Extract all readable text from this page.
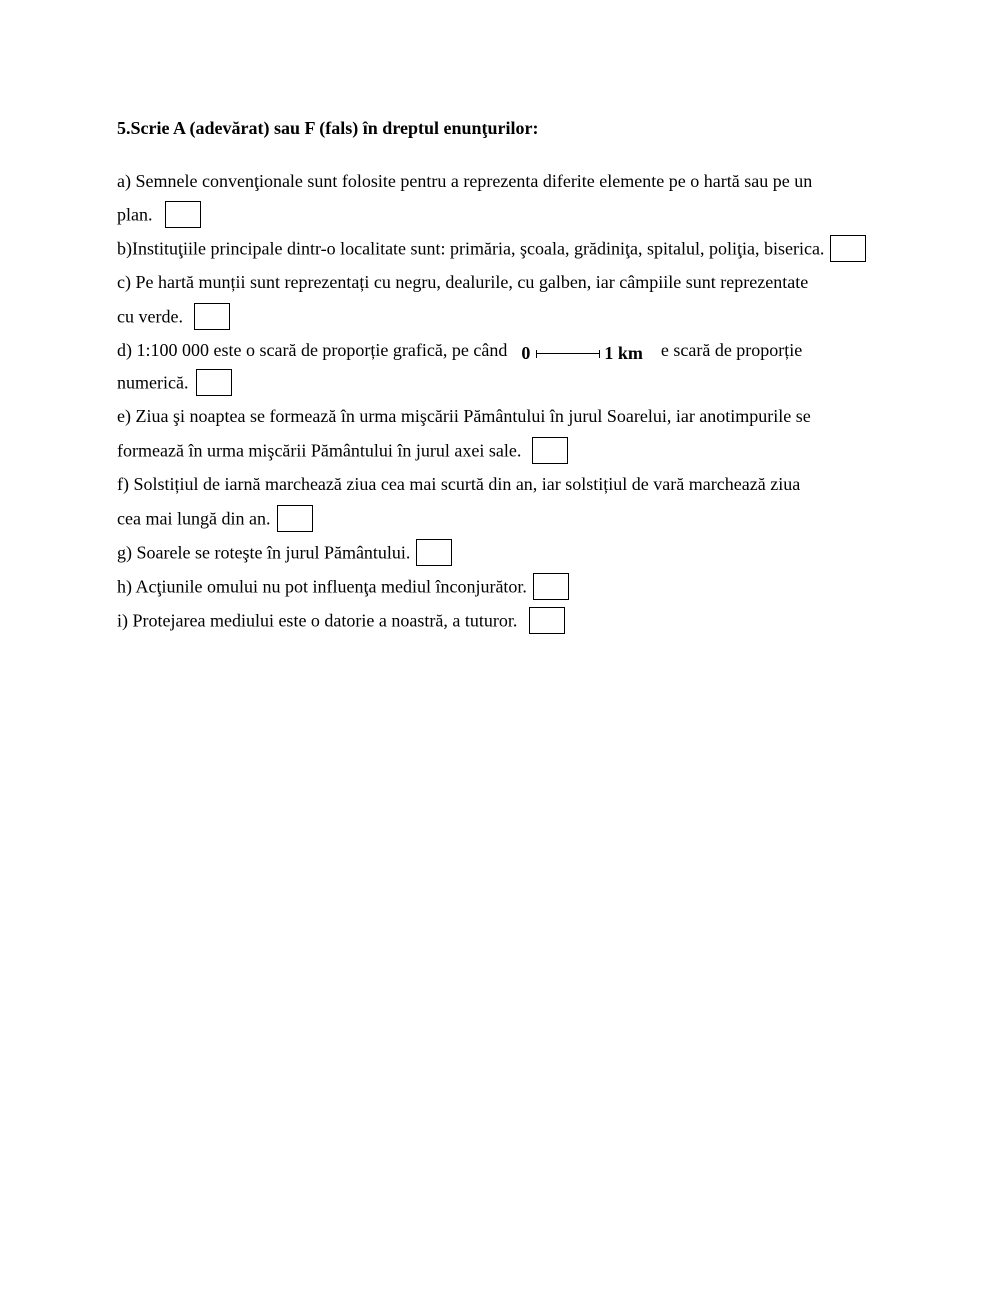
5.Scrie A (adevărat) sau F (fals) în dreptul enunţurilor:
a) Semnele convenţionale sunt folosite pentru a reprezenta diferite elemente pe o hartă sau pe un
plan.
b)Instituţiile principale dintr-o localitate sunt: primăria, şcoala, grădiniţa, spitalul, poliţia, biserica.
c) Pe hartă munții sunt reprezentați cu negru, dealurile, cu galben, iar câmpiile sunt reprezentate
cu verde.
d) 1:100 000 este o scară de proporție grafică, pe când 0	1 km e scară de proporție
numerică.
e) Ziua şi noaptea se formează în urma mişcării Pământului în jurul Soarelui, iar anotimpurile se
formează în urma mişcării Pământului în jurul axei sale.
f) Solstițiul de iarnă marchează ziua cea mai scurtă din an, iar solstițiul de vară marchează ziua
cea mai lungă din an.
g) Soarele se roteşte în jurul Pământului.
h) Acţiunile omului nu pot influenţa mediul înconjurător.
i) Protejarea mediului este o datorie a noastră, a tuturor.
